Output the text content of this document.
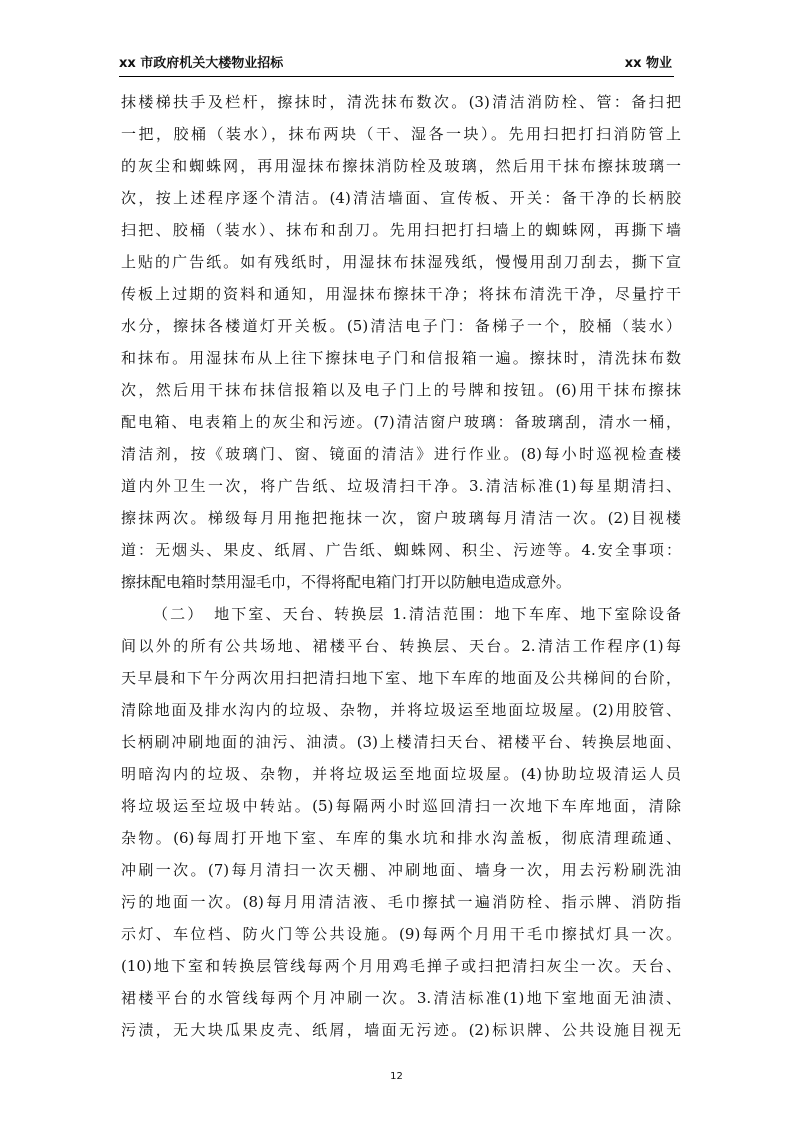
xx 市政府机关大楼物业招标	xx 物业
抹楼梯扶手及栏杆，擦抹时，清洗抹布数次。(3)清洁消防栓、管：备扫把
一把，胶桶（装水），抹布两块（干、湿各一块）。先用扫把打扫消防管上
的灰尘和蜘蛛网，再用湿抹布擦抹消防栓及玻璃，然后用干抹布擦抹玻璃一
次，按上述程序逐个清洁。(4)清洁墙面、宣传板、开关：备干净的长柄胶
扫把、胶桶（装水）、抹布和刮刀。先用扫把打扫墙上的蜘蛛网，再撕下墙
上贴的广告纸。如有残纸时，用湿抹布抹湿残纸，慢慢用刮刀刮去，撕下宣
传板上过期的资料和通知，用湿抹布擦抹干净；将抹布清洗干净，尽量拧干
水分，擦抹各楼道灯开关板。(5)清洁电子门：备梯子一个，胶桶（装水）
和抹布。用湿抹布从上往下擦抹电子门和信报箱一遍。擦抹时，清洗抹布数
次，然后用干抹布抹信报箱以及电子门上的号牌和按钮。(6)用干抹布擦抹
配电箱、电表箱上的灰尘和污迹。(7)清洁窗户玻璃：备玻璃刮，清水一桶，
清洁剂，按《玻璃门、窗、镜面的清洁》进行作业。(8)每小时巡视检查楼
道内外卫生一次，将广告纸、垃圾清扫干净。3.清洁标准(1)每星期清扫、
擦抹两次。梯级每月用拖把拖抹一次，窗户玻璃每月清洁一次。(2)目视楼
道：无烟头、果皮、纸屑、广告纸、蜘蛛网、积尘、污迹等。4.安全事项：
擦抹配电箱时禁用湿毛巾，不得将配电箱门打开以防触电造成意外。
（二）　地下室、天台、转换层 1.清洁范围：地下车库、地下室除设备
间以外的所有公共场地、裙楼平台、转换层、天台。2.清洁工作程序(1)每
天早晨和下午分两次用扫把清扫地下室、地下车库的地面及公共梯间的台阶，
清除地面及排水沟内的垃圾、杂物，并将垃圾运至地面垃圾屋。(2)用胶管、
长柄刷冲刷地面的油污、油渍。(3)上楼清扫天台、裙楼平台、转换层地面、
明暗沟内的垃圾、杂物，并将垃圾运至地面垃圾屋。(4)协助垃圾清运人员
将垃圾运至垃圾中转站。(5)每隔两小时巡回清扫一次地下车库地面，清除
杂物。(6)每周打开地下室、车库的集水坑和排水沟盖板，彻底清理疏通、
冲刷一次。(7)每月清扫一次天棚、冲刷地面、墙身一次，用去污粉刷洗油
污的地面一次。(8)每月用清洁液、毛巾擦拭一遍消防栓、指示牌、消防指
示灯、车位档、防火门等公共设施。(9)每两个月用干毛巾擦拭灯具一次。
(10)地下室和转换层管线每两个月用鸡毛掸子或扫把清扫灰尘一次。天台、
裙楼平台的水管线每两个月冲刷一次。3.清洁标准(1)地下室地面无油渍、
污渍，无大块瓜果皮壳、纸屑，墙面无污迹。(2)标识牌、公共设施目视无
12
